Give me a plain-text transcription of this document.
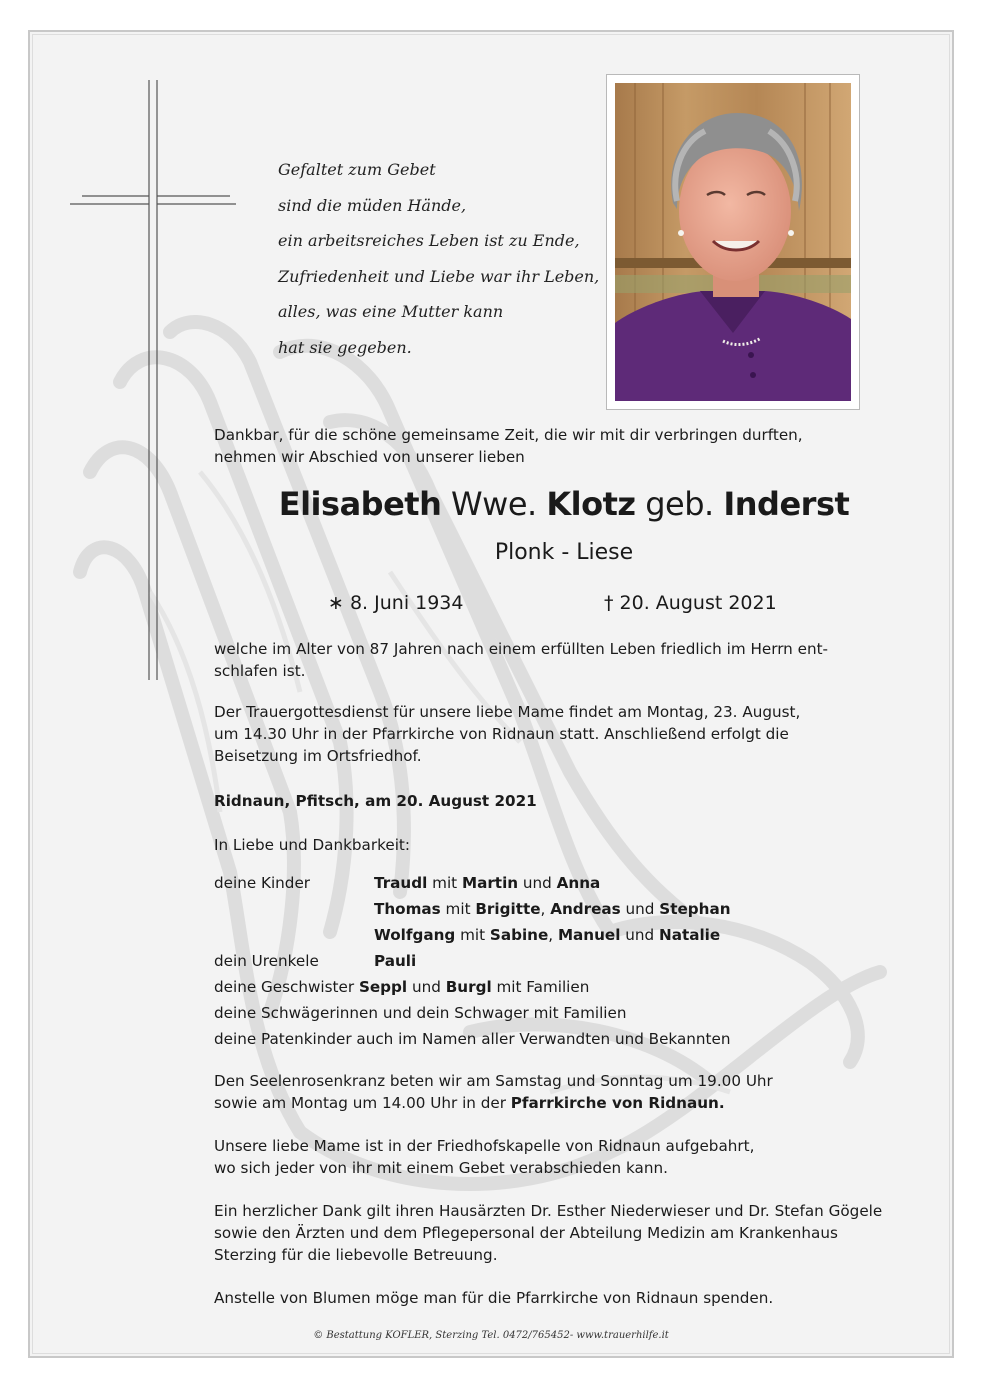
Gefaltet zum Gebet
sind die müden Hände,
ein arbeitsreiches Leben ist zu Ende,
Zufriedenheit und Liebe war ihr Leben,
alles, was eine Mutter kann
hat sie gegeben.
Dankbar, für die schöne gemeinsame Zeit, die wir mit dir verbringen durften,
nehmen wir Abschied von unserer lieben
Elisabeth Wwe. Klotz geb. Inderst
Plonk - Liese
∗ 8. Juni 1934	† 20. August 2021
welche im Alter von 87 Jahren nach einem erfüllten Leben friedlich im Herrn ent-
schlafen ist.
Der Trauergottesdienst für unsere liebe Mame findet am Montag, 23. August,
um 14.30 Uhr in der Pfarrkirche von Ridnaun statt. Anschließend erfolgt die
Beisetzung im Ortsfriedhof.
Ridnaun, Pfitsch, am 20. August 2021
In Liebe und Dankbarkeit:
deine Kinder	Traudl mit Martin und Anna
Thomas mit Brigitte, Andreas und Stephan
Wolfgang mit Sabine, Manuel und Natalie
dein Urenkele	Pauli
deine Geschwister Seppl und Burgl mit Familien
deine Schwägerinnen und dein Schwager mit Familien
deine Patenkinder auch im Namen aller Verwandten und Bekannten
Den Seelenrosenkranz beten wir am Samstag und Sonntag um 19.00 Uhr
sowie am Montag um 14.00 Uhr in der Pfarrkirche von Ridnaun.
Unsere liebe Mame ist in der Friedhofskapelle von Ridnaun aufgebahrt,
wo sich jeder von ihr mit einem Gebet verabschieden kann.
Ein herzlicher Dank gilt ihren Hausärzten Dr. Esther Niederwieser und Dr. Stefan Gögele
sowie den Ärzten und dem Pflegepersonal der Abteilung Medizin am Krankenhaus
Sterzing für die liebevolle Betreuung.
Anstelle von Blumen möge man für die Pfarrkirche von Ridnaun spenden.
© Bestattung KOFLER, Sterzing Tel. 0472/765452- www.trauerhilfe.it
